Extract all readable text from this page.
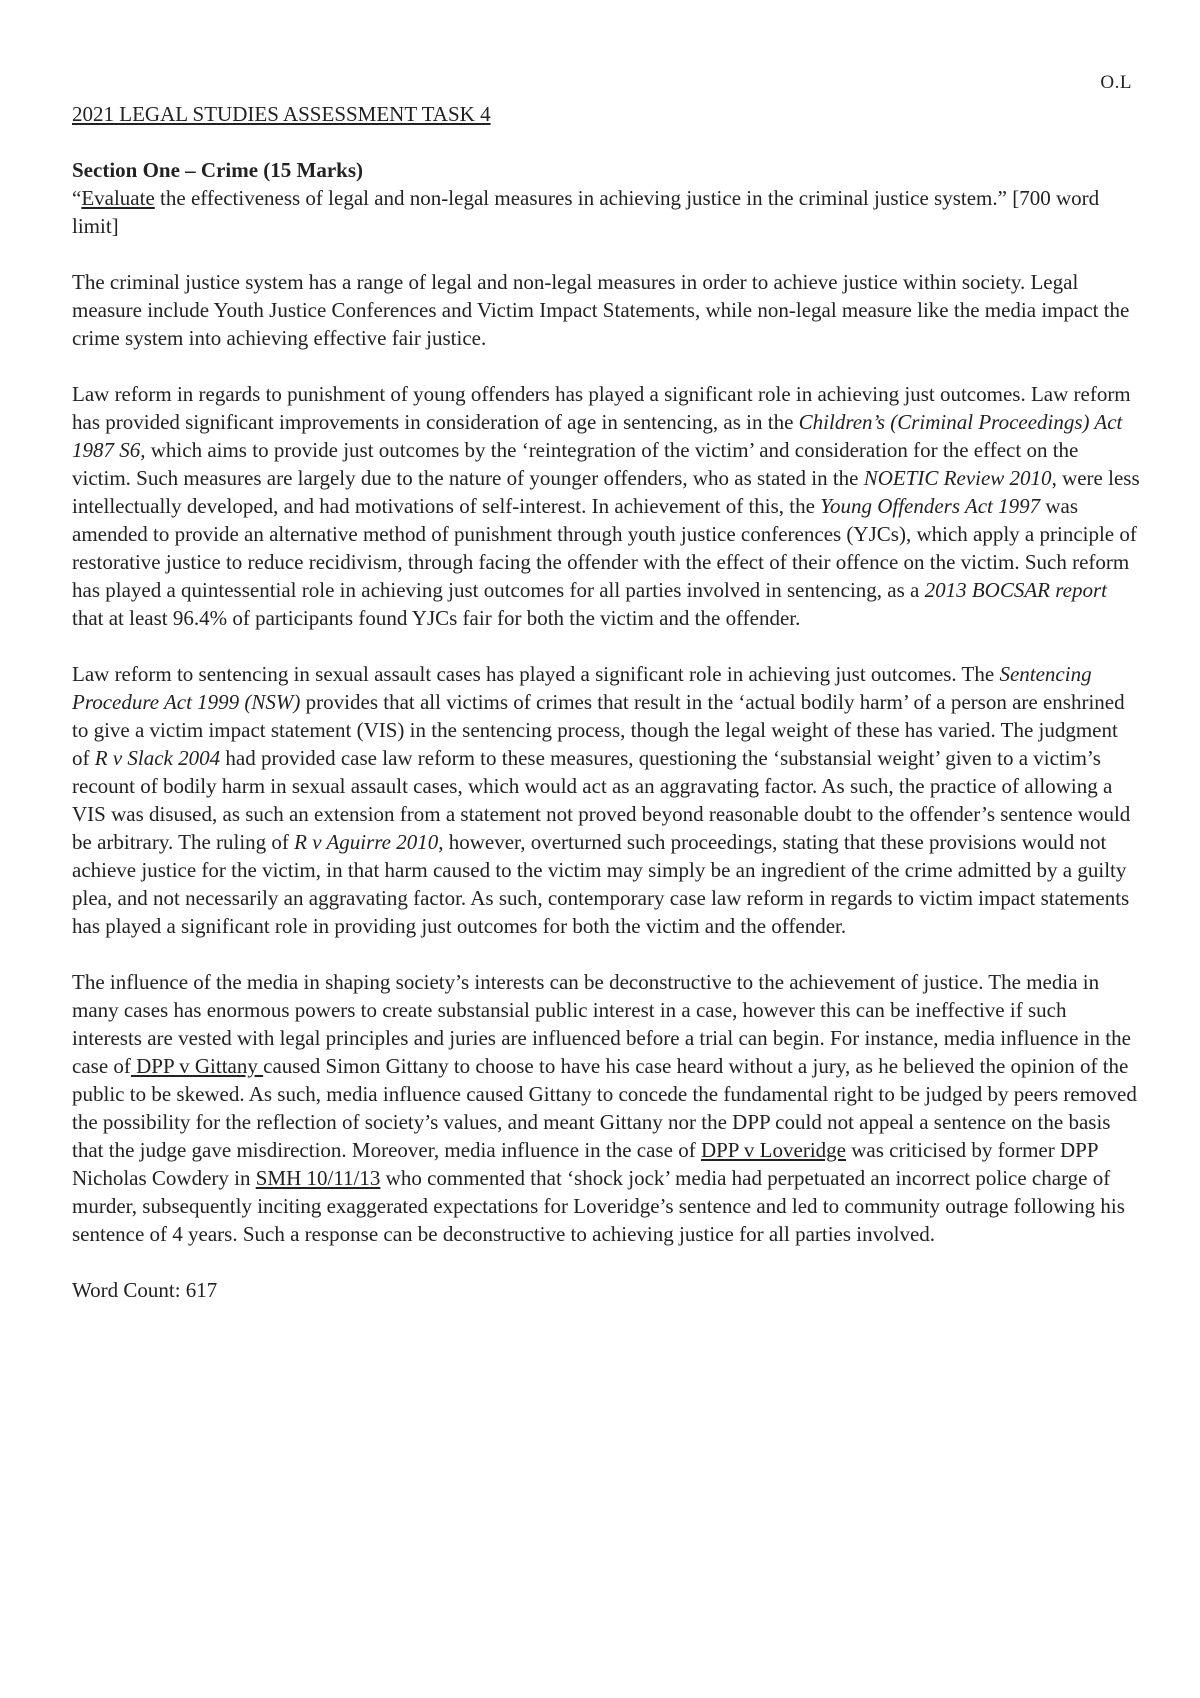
O.L
2021 LEGAL STUDIES ASSESSMENT TASK 4
Section One – Crime (15 Marks)
“Evaluate the effectiveness of legal and non-legal measures in achieving justice in the criminal justice system.” [700 word limit]

The criminal justice system has a range of legal and non-legal measures in order to achieve justice within society. Legal measure include Youth Justice Conferences and Victim Impact Statements, while non-legal measure like the media impact the crime system into achieving effective fair justice.

Law reform in regards to punishment of young offenders has played a significant role in achieving just outcomes. Law reform has provided significant improvements in consideration of age in sentencing, as in the Children’s (Criminal Proceedings) Act 1987 S6, which aims to provide just outcomes by the ‘reintegration of the victim’ and consideration for the effect on the victim. Such measures are largely due to the nature of younger offenders, who as stated in the NOETIC Review 2010, were less intellectually developed, and had motivations of self-interest. In achievement of this, the Young Offenders Act 1997 was amended to provide an alternative method of punishment through youth justice conferences (YJCs), which apply a principle of restorative justice to reduce recidivism, through facing the offender with the effect of their offence on the victim. Such reform has played a quintessential role in achieving just outcomes for all parties involved in sentencing, as a 2013 BOCSAR report that at least 96.4% of participants found YJCs fair for both the victim and the offender.

Law reform to sentencing in sexual assault cases has played a significant role in achieving just outcomes. The Sentencing Procedure Act 1999 (NSW) provides that all victims of crimes that result in the ‘actual bodily harm’ of a person are enshrined to give a victim impact statement (VIS) in the sentencing process, though the legal weight of these has varied. The judgment of R v Slack 2004 had provided case law reform to these measures, questioning the ‘substansial weight’ given to a victim’s recount of bodily harm in sexual assault cases, which would act as an aggravating factor. As such, the practice of allowing a VIS was disused, as such an extension from a statement not proved beyond reasonable doubt to the offender’s sentence would be arbitrary. The ruling of R v Aguirre 2010, however, overturned such proceedings, stating that these provisions would not achieve justice for the victim, in that harm caused to the victim may simply be an ingredient of the crime admitted by a guilty plea, and not necessarily an aggravating factor. As such, contemporary case law reform in regards to victim impact statements has played a significant role in providing just outcomes for both the victim and the offender.

The influence of the media in shaping society’s interests can be deconstructive to the achievement of justice. The media in many cases has enormous powers to create substansial public interest in a case, however this can be ineffective if such interests are vested with legal principles and juries are influenced before a trial can begin. For instance, media influence in the case of DPP v Gittany caused Simon Gittany to choose to have his case heard without a jury, as he believed the opinion of the public to be skewed. As such, media influence caused Gittany to concede the fundamental right to be judged by peers removed the possibility for the reflection of society’s values, and meant Gittany nor the DPP could not appeal a sentence on the basis that the judge gave misdirection. Moreover, media influence in the case of DPP v Loveridge was criticised by former DPP Nicholas Cowdery in SMH 10/11/13 who commented that ‘shock jock’ media had perpetuated an incorrect police charge of murder, subsequently inciting exaggerated expectations for Loveridge’s sentence and led to community outrage following his sentence of 4 years. Such a response can be deconstructive to achieving justice for all parties involved.

Word Count: 617
